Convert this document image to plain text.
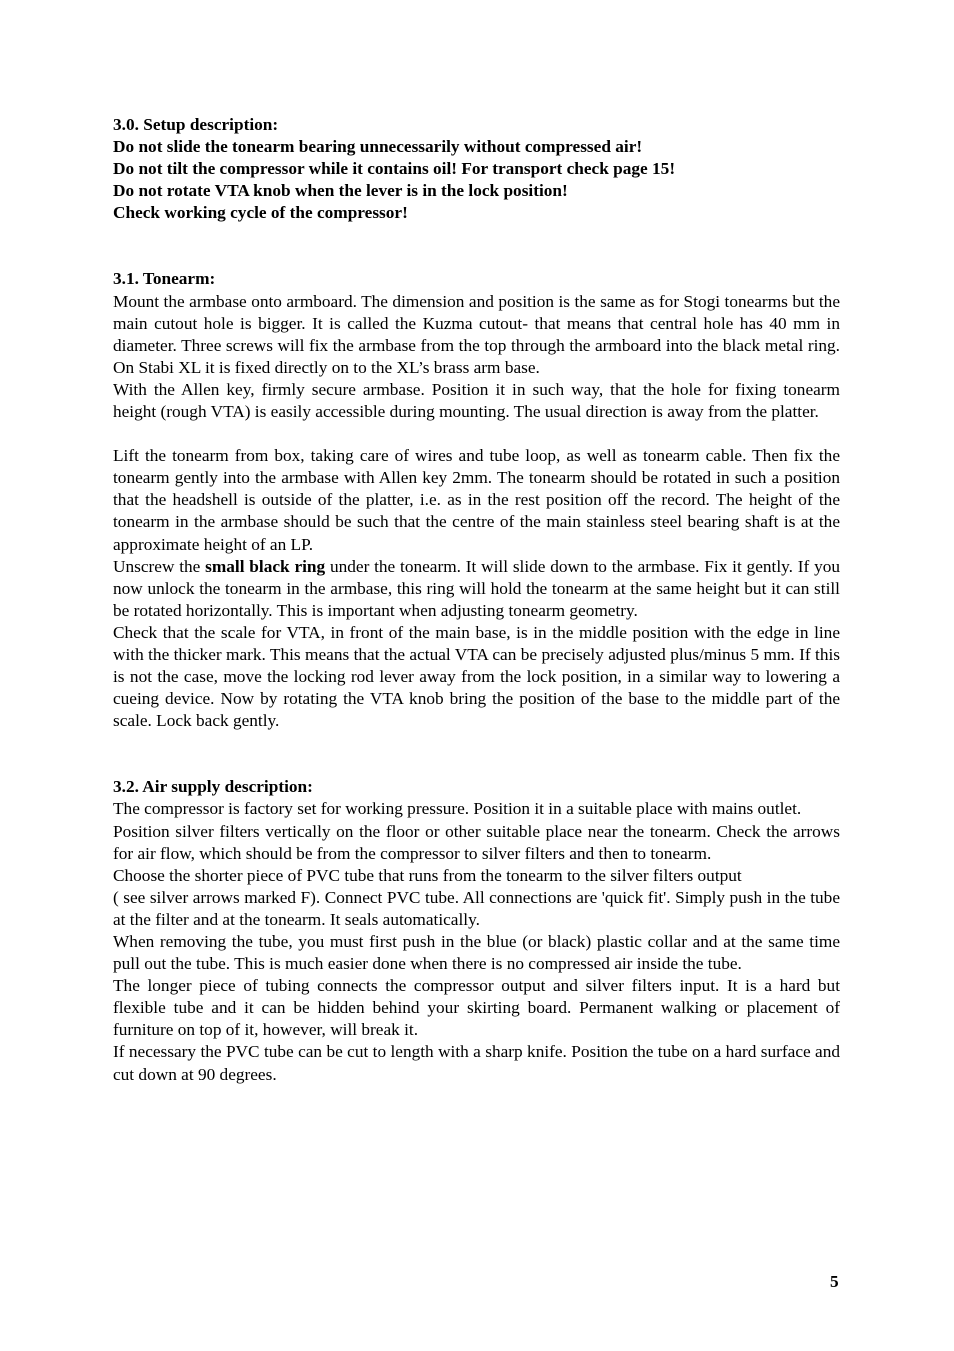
3.0. Setup description:
Do not slide the tonearm bearing unnecessarily without compressed air!
Do not tilt the compressor while it contains oil! For transport check page 15!
Do not rotate VTA knob when the lever is in the lock position!
Check working cycle of the compressor!
3.1. Tonearm:

Mount the armbase onto armboard. The dimension and position is the same as for Stogi tonearms but the main cutout hole is bigger. It is called the Kuzma cutout- that means that central hole has 40 mm in diameter. Three screws will fix the armbase from the top through the armboard into the black metal ring. On Stabi XL it is fixed directly on to the XL’s brass arm base.

With the Allen key, firmly secure armbase. Position it in such way, that the hole for fixing tonearm height (rough VTA) is easily accessible during mounting. The usual direction is away from the platter.

Lift the tonearm from box, taking care of wires and tube loop, as well as tonearm cable. Then fix the tonearm gently into the armbase with Allen key 2mm. The tonearm should be rotated in such a position that the headshell is outside of the platter, i.e. as in the rest position off the record. The height of the tonearm in the armbase should be such that the centre of the main stainless steel bearing shaft is at the approximate height of an LP.

Unscrew the small black ring under the tonearm. It will slide down to the armbase. Fix it gently. If you now unlock the tonearm in the armbase, this ring will hold the tonearm at the same height but it can still be rotated horizontally. This is important when adjusting tonearm geometry.

Check that the scale for VTA, in front of the main base, is in the middle position with the edge in line with the thicker mark. This means that the actual VTA can be precisely adjusted plus/minus 5 mm. If this is not the case, move the locking rod lever away from the lock position, in a similar way to lowering a cueing device. Now by rotating the VTA knob bring the position of the base to the middle part of the scale. Lock back gently.

3.2. Air supply description:

The compressor is factory set for working pressure. Position it in a suitable place with mains outlet.

Position silver filters vertically on the floor or other suitable place near the tonearm. Check the arrows for air flow, which should be from the compressor to silver filters and then to tonearm.

Choose the shorter piece of PVC tube that runs from the tonearm to the silver filters output

( see silver arrows marked F). Connect PVC tube. All connections are 'quick fit'. Simply push in the tube at the filter and at the tonearm. It seals automatically.

When removing the tube, you must first push in the blue (or black) plastic collar and at the same time pull out the tube. This is much easier done when there is no compressed air inside the tube.

The longer piece of tubing connects the compressor output and silver filters input. It is a hard but flexible tube and it can be hidden behind your skirting board. Permanent walking or placement of furniture on top of it, however, will break it.

If necessary the PVC tube can be cut to length with a sharp knife. Position the tube on a hard surface and cut down at 90 degrees.

5
